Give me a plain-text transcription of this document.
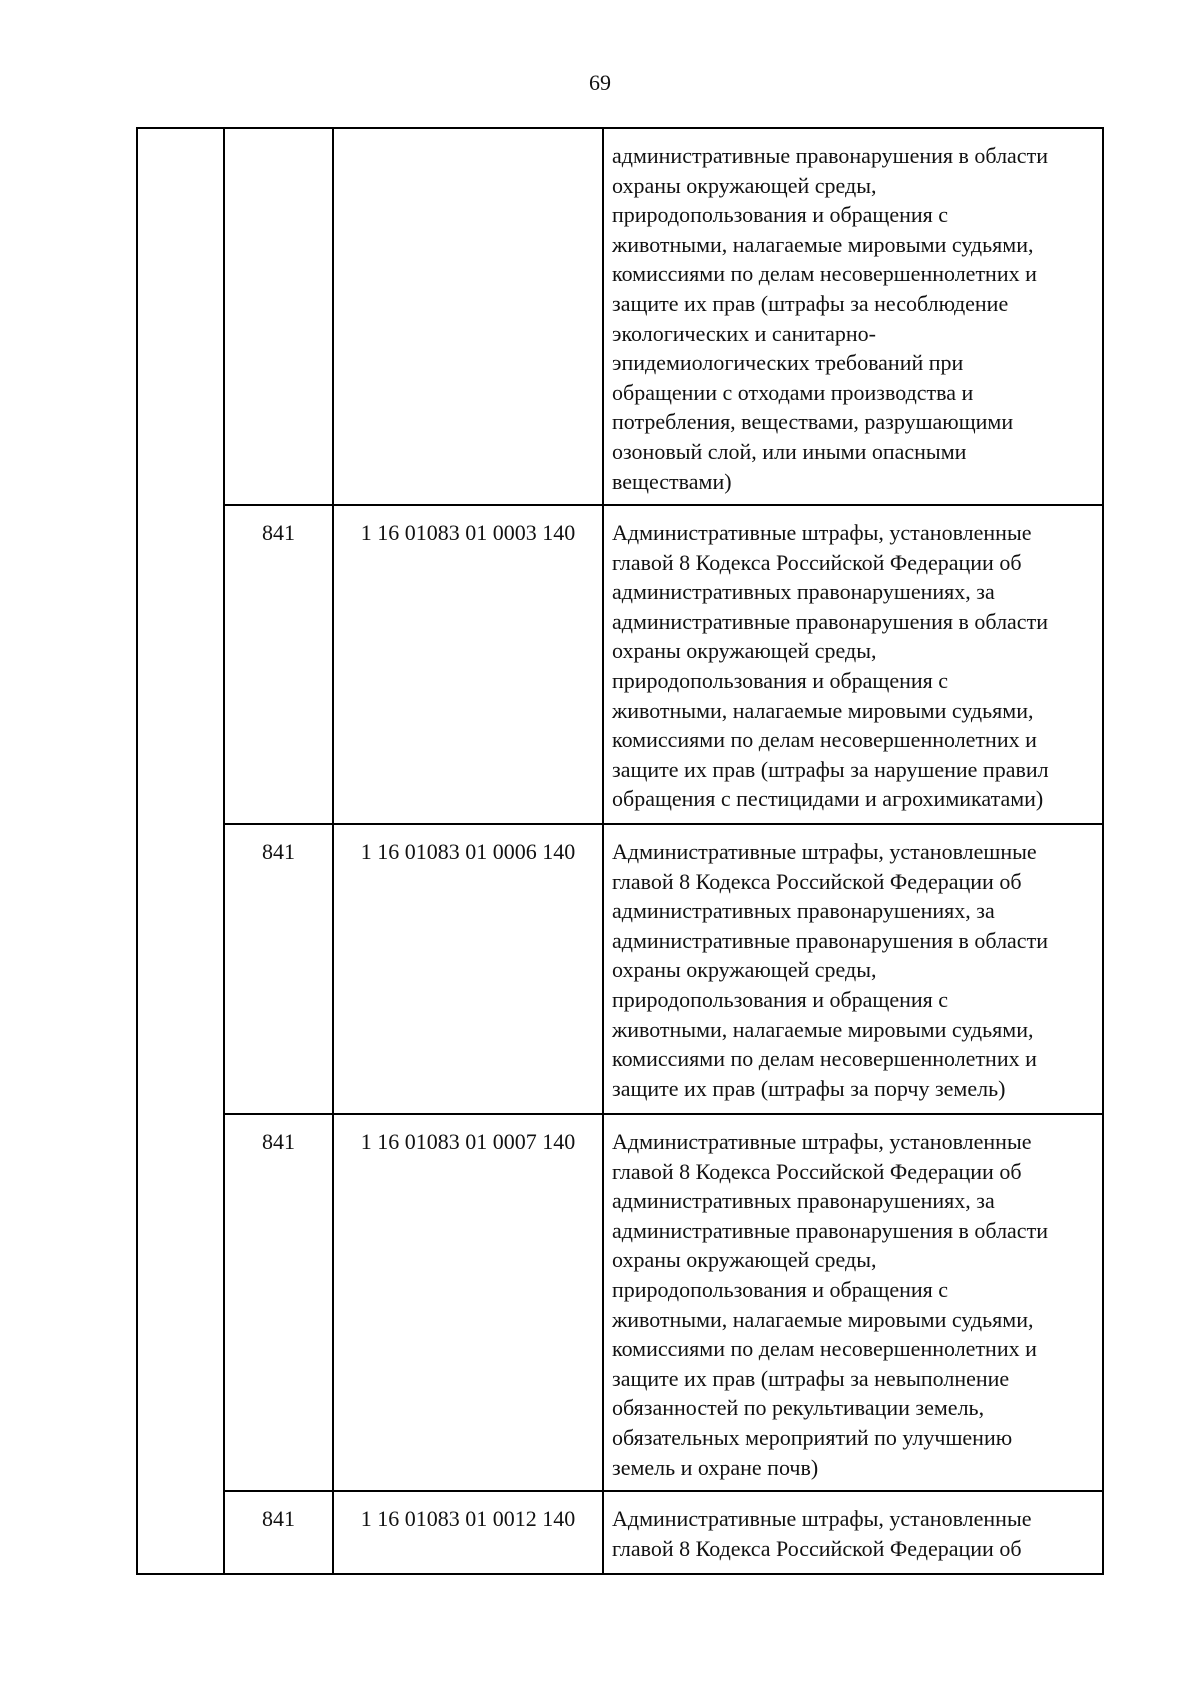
69
административные правонарушения в области
охраны окружающей среды,
природопользования и обращения с
животными, налагаемые мировыми судьями,
комиссиями по делам несовершеннолетних и
защите их прав (штрафы за несоблюдение
экологических и санитарно-
эпидемиологических требований при
обращении с отходами производства и
потребления, веществами, разрушающими
озоновый слой, или иными опасными
веществами)
841	1 16 01083 01 0003 140	Административные штрафы, установленные
главой 8 Кодекса Российской Федерации об
административных правонарушениях, за
административные правонарушения в области
охраны окружающей среды,
природопользования и обращения с
животными, налагаемые мировыми судьями,
комиссиями по делам несовершеннолетних и
защите их прав (штрафы за нарушение правил
обращения с пестицидами и агрохимикатами)
841	1 16 01083 01 0006 140	Административные штрафы, установлешные
главой 8 Кодекса Российской Федерации об
административных правонарушениях, за
административные правонарушения в области
охраны окружающей среды,
природопользования и обращения с
животными, налагаемые мировыми судьями,
комиссиями по делам несовершеннолетних и
защите их прав (штрафы за порчу земель)
841	1 16 01083 01 0007 140	Административные штрафы, установленные
главой 8 Кодекса Российской Федерации об
административных правонарушениях, за
административные правонарушения в области
охраны окружающей среды,
природопользования и обращения с
животными, налагаемые мировыми судьями,
комиссиями по делам несовершеннолетних и
защите их прав (штрафы за невыполнение
обязанностей по рекультивации земель,
обязательных мероприятий по улучшению
земель и охране почв)
841	1 16 01083 01 0012 140	Административные штрафы, установленные
главой 8 Кодекса Российской Федерации об
